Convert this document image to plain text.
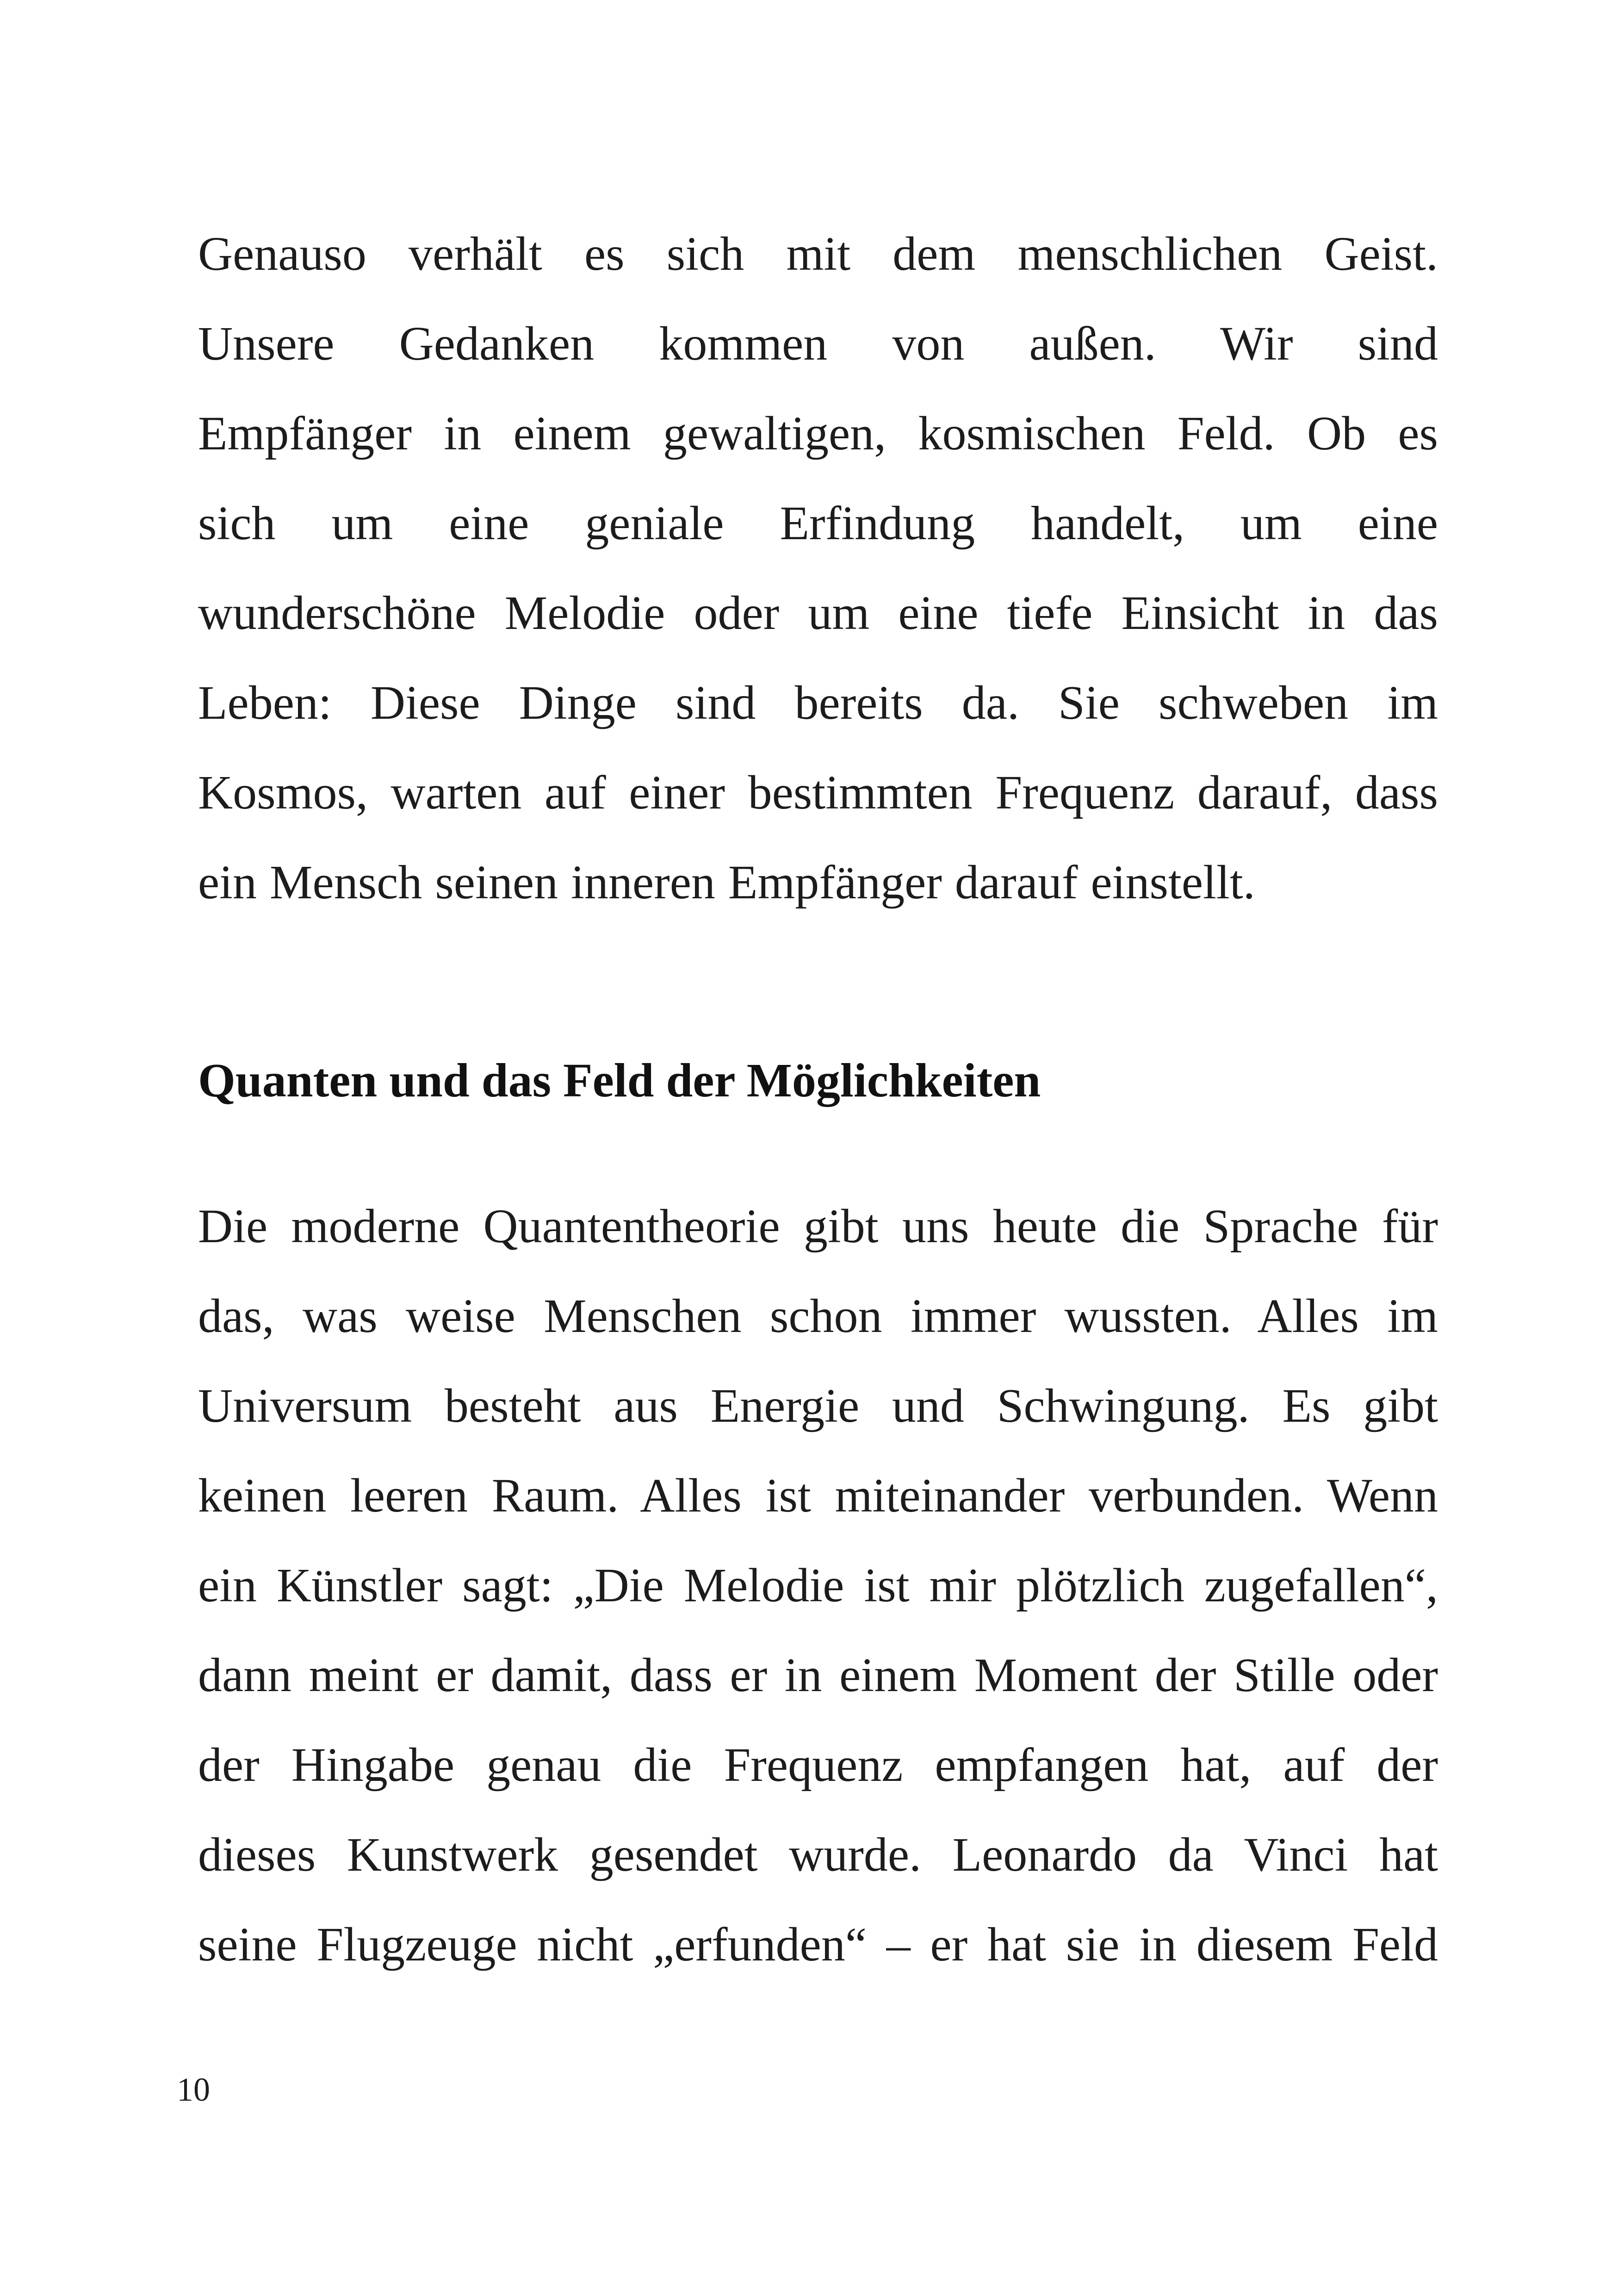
Genauso verhält es sich mit dem menschlichen Geist.
Unsere Gedanken kommen von außen. Wir sind
Empfänger in einem gewaltigen, kosmischen Feld. Ob es
sich um eine geniale Erfindung handelt, um eine
wunderschöne Melodie oder um eine tiefe Einsicht in das
Leben: Diese Dinge sind bereits da. Sie schweben im
Kosmos, warten auf einer bestimmten Frequenz darauf, dass
ein Mensch seinen inneren Empfänger darauf einstellt.
Quanten und das Feld der Möglichkeiten
Die moderne Quantentheorie gibt uns heute die Sprache für
das, was weise Menschen schon immer wussten. Alles im
Universum besteht aus Energie und Schwingung. Es gibt
keinen leeren Raum. Alles ist miteinander verbunden. Wenn
ein Künstler sagt: „Die Melodie ist mir plötzlich zugefallen“,
dann meint er damit, dass er in einem Moment der Stille oder
der Hingabe genau die Frequenz empfangen hat, auf der
dieses Kunstwerk gesendet wurde. Leonardo da Vinci hat
seine Flugzeuge nicht „erfunden“ – er hat sie in diesem Feld
10
